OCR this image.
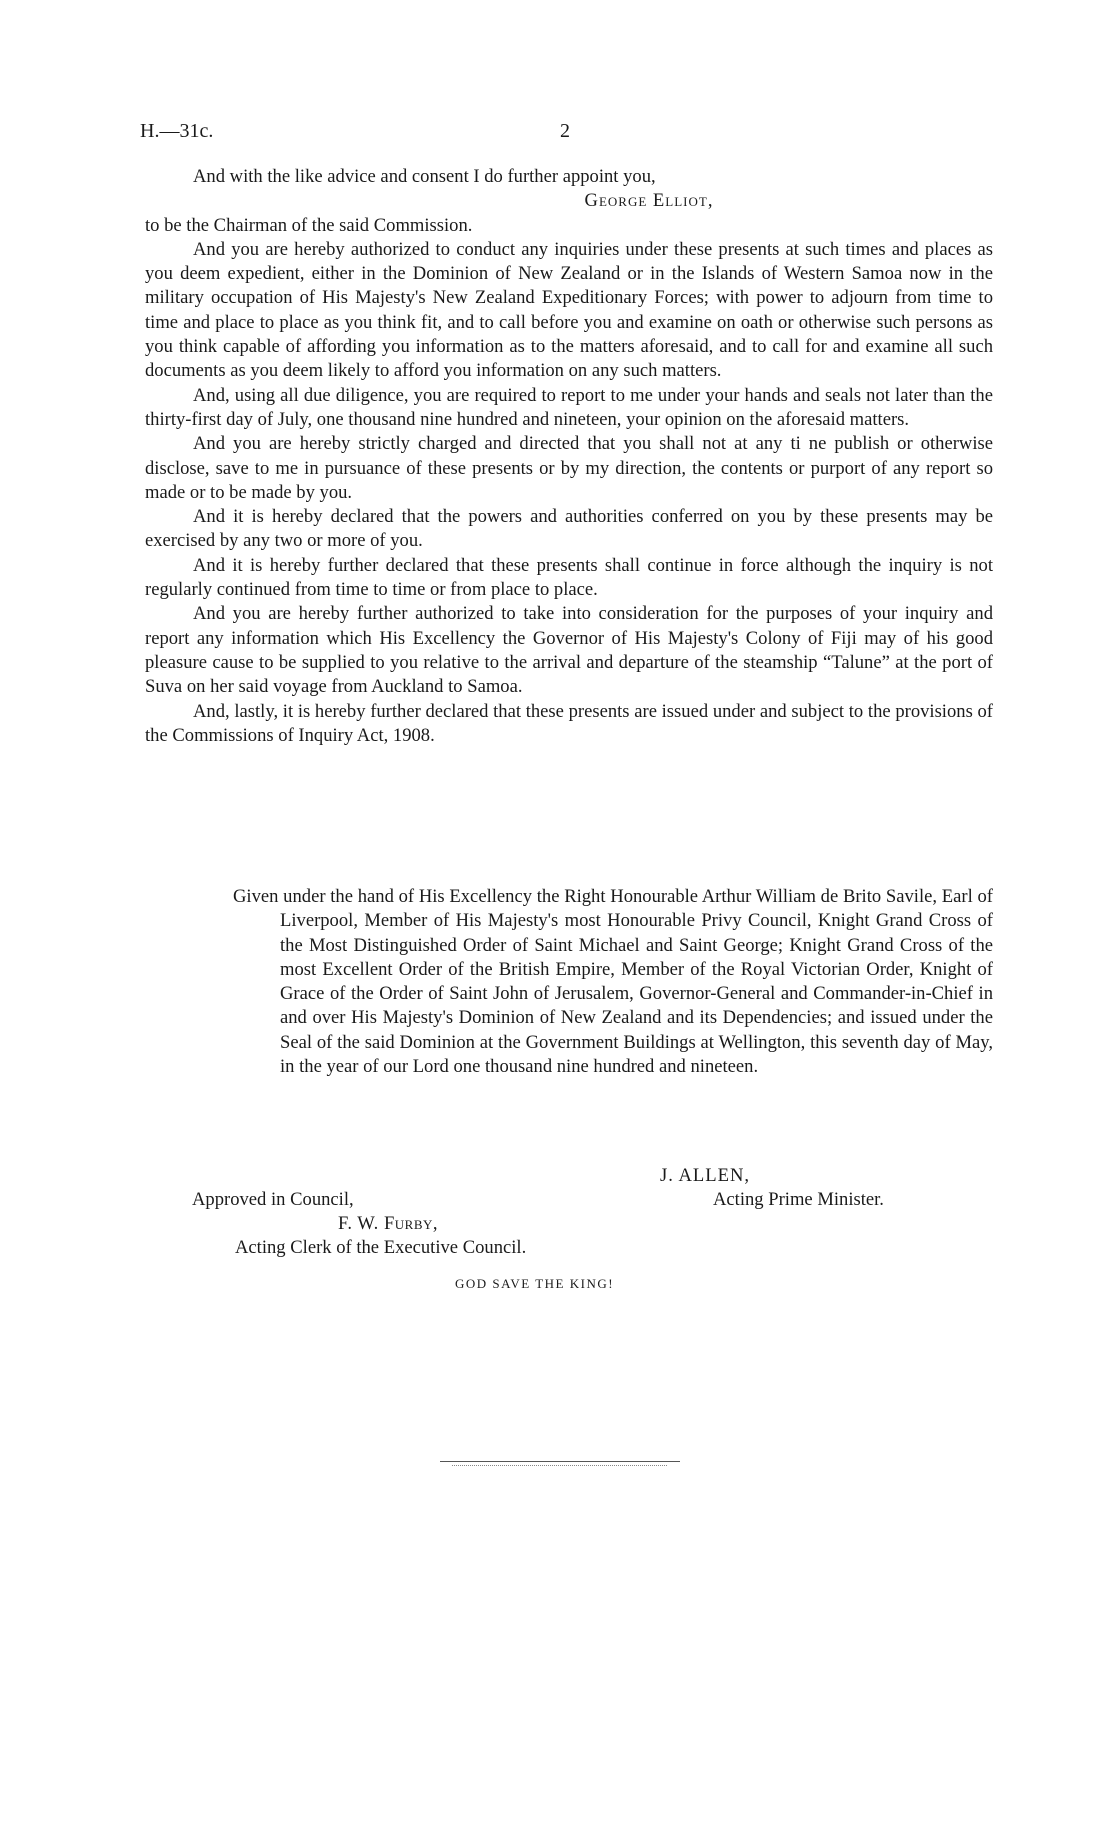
H.—31c.	2

And with the like advice and consent I do further appoint you,

George Elliot,

to be the Chairman of the said Commission.

And you are hereby authorized to conduct any inquiries under these presents at such times and places as you deem expedient, either in the Dominion of New Zealand or in the Islands of Western Samoa now in the military occupation of His Majesty's New Zealand Expeditionary Forces; with power to adjourn from time to time and place to place as you think fit, and to call before you and examine on oath or otherwise such persons as you think capable of affording you information as to the matters aforesaid, and to call for and examine all such documents as you deem likely to afford you information on any such matters.

And, using all due diligence, you are required to report to me under your hands and seals not later than the thirty-first day of July, one thousand nine hundred and nineteen, your opinion on the aforesaid matters.

And you are hereby strictly charged and directed that you shall not at any ti ne publish or otherwise disclose, save to me in pursuance of these presents or by my direction, the contents or purport of any report so made or to be made by you.

And it is hereby declared that the powers and authorities conferred on you by these presents may be exercised by any two or more of you.

And it is hereby further declared that these presents shall continue in force although the inquiry is not regularly continued from time to time or from place to place.

And you are hereby further authorized to take into consideration for the purposes of your inquiry and report any information which His Excellency the Governor of His Majesty's Colony of Fiji may of his good pleasure cause to be supplied to you relative to the arrival and departure of the steamship “Talune” at the port of Suva on her said voyage from Auckland to Samoa.

And, lastly, it is hereby further declared that these presents are issued under and subject to the provisions of the Commissions of Inquiry Act, 1908.

Given under the hand of His Excellency the Right Honourable Arthur William de Brito Savile, Earl of Liverpool, Member of His Majesty's most Honourable Privy Council, Knight Grand Cross of the Most Distinguished Order of Saint Michael and Saint George; Knight Grand Cross of the most Excellent Order of the British Empire, Member of the Royal Victorian Order, Knight of Grace of the Order of Saint John of Jerusalem, Governor-General and Commander-in-Chief in and over His Majesty's Dominion of New Zealand and its Dependencies; and issued under the Seal of the said Dominion at the Government Buildings at Wellington, this seventh day of May, in the year of our Lord one thousand nine hundred and nineteen.
J. ALLEN,
Acting Prime Minister.
Approved in Council,
F. W. Furby,
Acting Clerk of the Executive Council.
GOD SAVE THE KING!
